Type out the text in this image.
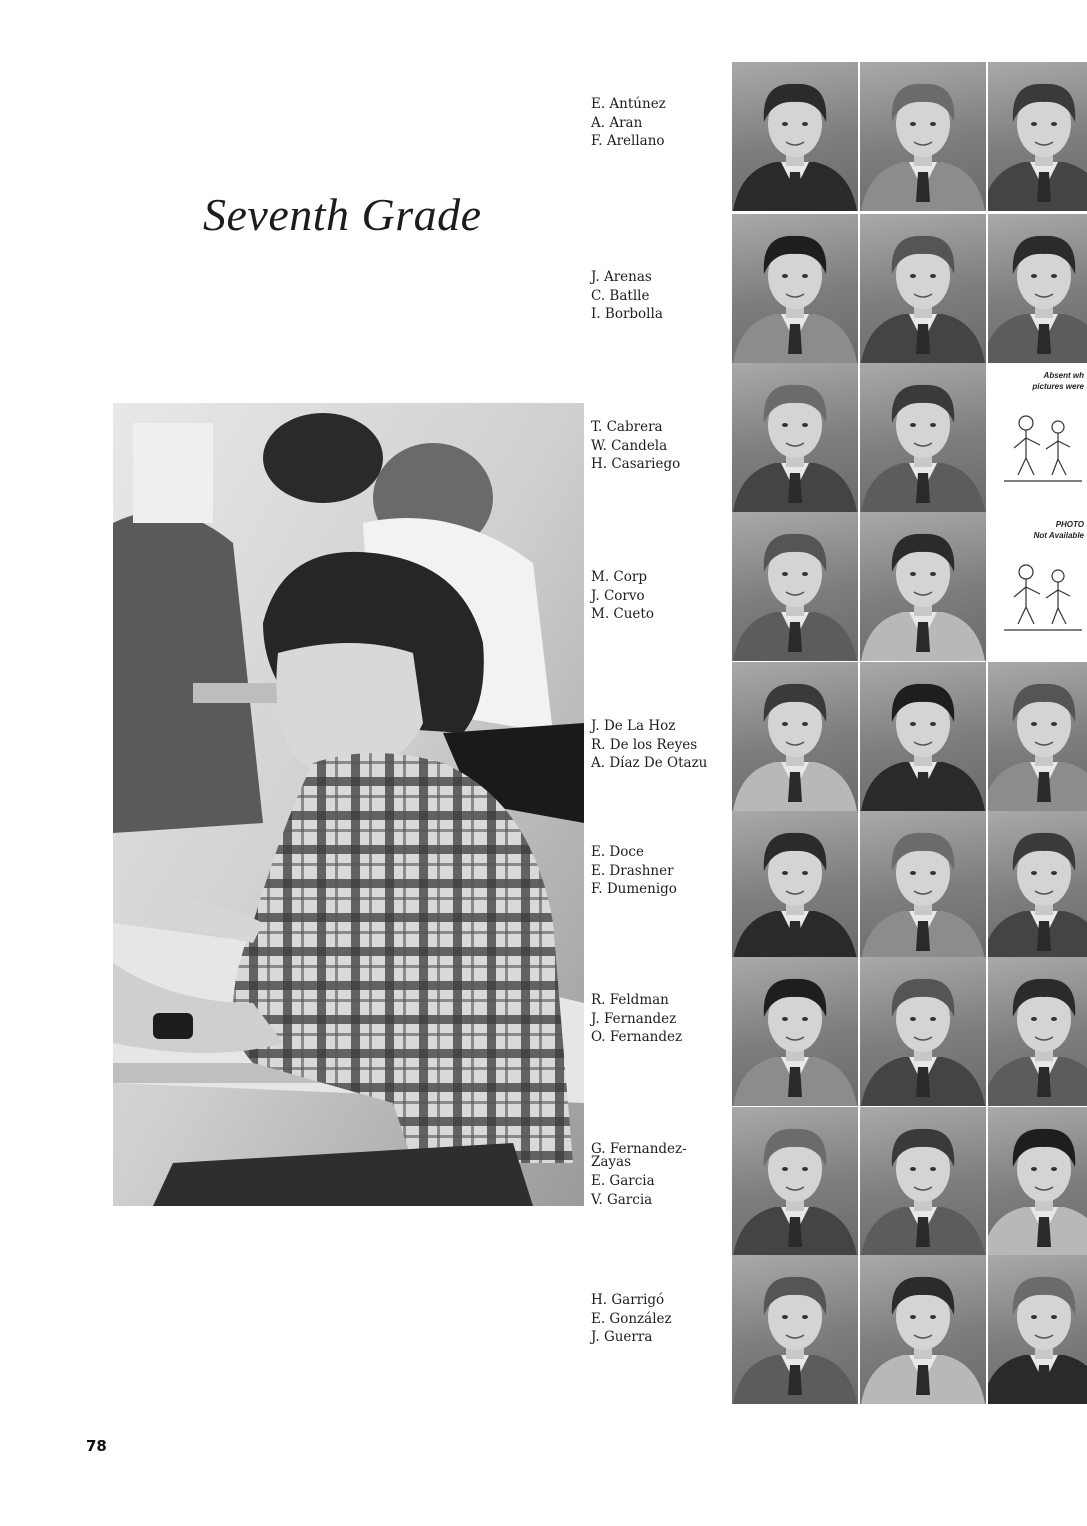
Seventh Grade
E. Antúnez
A. Aran
F. Arellano
J. Arenas
C. Batlle
I. Borbolla
T. Cabrera
W. Candela
H. Casariego
M. Corp
J. Corvo
M. Cueto
J. De La Hoz
R. De los Reyes
A. Díaz De Otazu
E. Doce
E. Drashner
F. Dumenigo
R. Feldman
J. Fernandez
O. Fernandez
G. Fernandez-Zayas
E. Garcia
V. Garcia
H. Garrigó
E. González
J. Guerra
Absent wh
pictures were
PHOTO
Not Available
78
